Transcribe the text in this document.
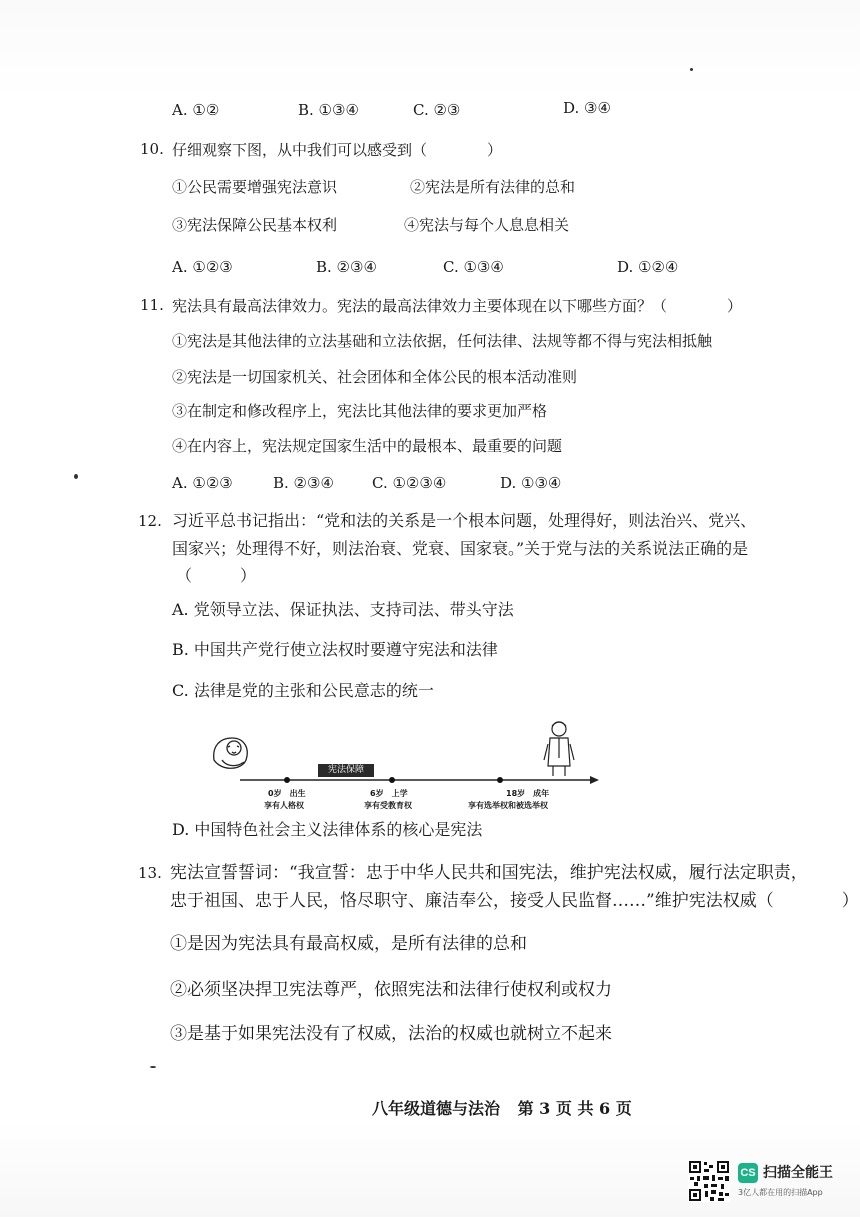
A. ①②	B. ①③④	C. ②③	D. ③④
10. 仔细观察下图，从中我们可以感受到（　　　　）
①公民需要增强宪法意识	②宪法是所有法律的总和
③宪法保障公民基本权利	④宪法与每个人息息相关
A. ①②③	B. ②③④	C. ①③④	D. ①②④
11. 宪法具有最高法律效力。宪法的最高法律效力主要体现在以下哪些方面？（　　　　）
①宪法是其他法律的立法基础和立法依据，任何法律、法规等都不得与宪法相抵触
②宪法是一切国家机关、社会团体和全体公民的根本活动准则
③在制定和修改程序上，宪法比其他法律的要求更加严格
④在内容上，宪法规定国家生活中的最根本、最重要的问题
A. ①②③	B. ②③④	C. ①②③④	D. ①③④
12. 习近平总书记指出：“党和法的关系是一个根本问题，处理得好，则法治兴、党兴、
国家兴；处理得不好，则法治衰、党衰、国家衰。”关于党与法的关系说法正确的是
（　　　）
A. 党领导立法、保证执法、支持司法、带头守法
B. 中国共产党行使立法权时要遵守宪法和法律
C. 法律是党的主张和公民意志的统一
宪法保障
0岁　出生
享有人格权
6岁　上学
享有受教育权
18岁　成年
享有选举权和被选举权
D. 中国特色社会主义法律体系的核心是宪法
13. 宪法宣誓誓词：“我宣誓：忠于中华人民共和国宪法，维护宪法权威，履行法定职责，
忠于祖国、忠于人民，恪尽职守、廉洁奉公，接受人民监督……”维护宪法权威（　　　　）
①是因为宪法具有最高权威，是所有法律的总和
②必须坚决捍卫宪法尊严，依照宪法和法律行使权利或权力
③是基于如果宪法没有了权威，法治的权威也就树立不起来
八年级道德与法治 第 3 页 共 6 页
CS 扫描全能王
3亿人都在用的扫描App
